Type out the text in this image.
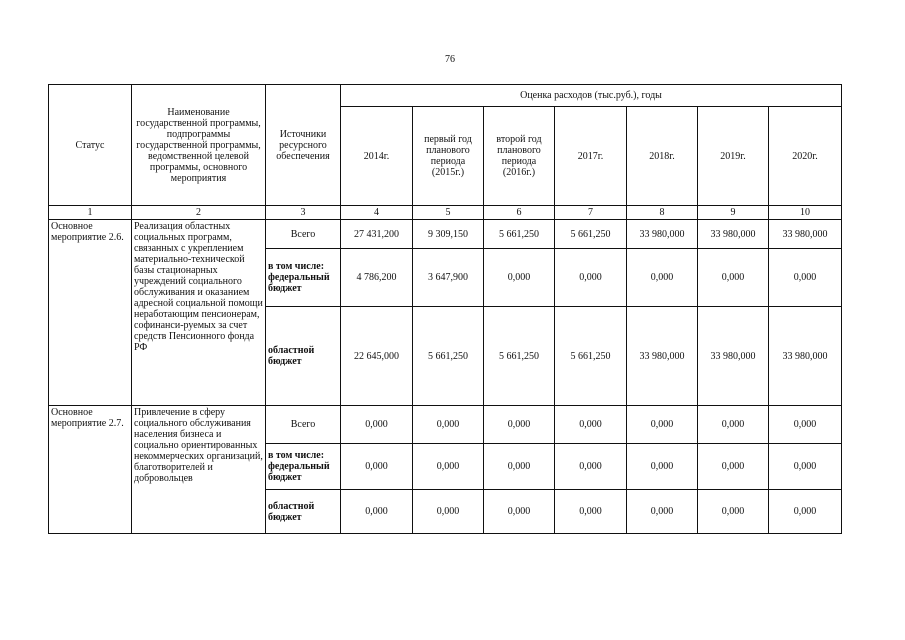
76
Статус	Наименование государственной программы, подпрограммы государственной программы, ведомственной целевой программы, основного мероприятия	Источники ресурсного обеспечения	Оценка расходов (тыс.руб.), годы						
			2014г.	первый год планового периода (2015г.)	второй год планового периода (2016г.)	2017г.	2018г.	2019г.	2020г.
1	2	3	4	5	6	7	8	9	10
Основное мероприятие 2.6.	Реализация областных социальных программ, связанных с укреплением материально-технической базы стационарных учреждений социального обслуживания и оказанием адресной социальной помощи неработающим пенсионерам, софинанси-руемых за счет средств Пенсионного фонда РФ	Всего	27 431,200	9 309,150	5 661,250	5 661,250	33 980,000	33 980,000	33 980,000
		в том числе: федеральный бюджет	4 786,200	3 647,900	0,000	0,000	0,000	0,000	0,000
		областной бюджет	22 645,000	5 661,250	5 661,250	5 661,250	33 980,000	33 980,000	33 980,000
Основное мероприятие 2.7.	Привлечение в сферу социального обслуживания населения бизнеса и социально ориентированных некоммерческих организаций, благотворителей и добровольцев	Всего	0,000	0,000	0,000	0,000	0,000	0,000	0,000
		в том числе: федеральный бюджет	0,000	0,000	0,000	0,000	0,000	0,000	0,000
		областной бюджет	0,000	0,000	0,000	0,000	0,000	0,000	0,000
